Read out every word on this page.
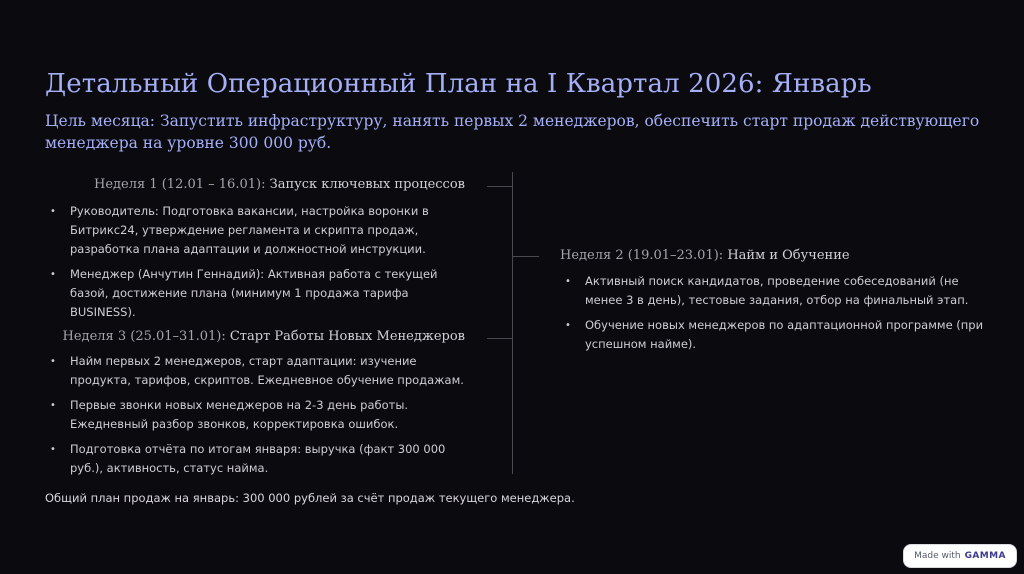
Детальный Операционный План на I Квартал 2026: Январь

Цель месяца: Запустить инфраструктуру, нанять первых 2 менеджеров, обеспечить старт продаж действующего менеджера на уровне 300 000 руб.

Неделя 1 (12.01 – 16.01): Запуск ключевых процессов
• Руководитель: Подготовка вакансии, настройка воронки в Битрикс24, утверждение регламента и скрипта продаж, разработка плана адаптации и должностной инструкции.
• Менеджер (Анчутин Геннадий): Активная работа с текущей базой, достижение плана (минимум 1 продажа тарифа BUSINESS).
Неделя 3 (25.01–31.01): Старт Работы Новых Менеджеров
• Найм первых 2 менеджеров, старт адаптации: изучение продукта, тарифов, скриптов. Ежедневное обучение продажам.
• Первые звонки новых менеджеров на 2-3 день работы. Ежедневный разбор звонков, корректировка ошибок.
• Подготовка отчёта по итогам января: выручка (факт 300 000 руб.), активность, статус найма.
Неделя 2 (19.01–23.01): Найм и Обучение
• Активный поиск кандидатов, проведение собеседований (не менее 3 в день), тестовые задания, отбор на финальный этап.
• Обучение новых менеджеров по адаптационной программе (при успешном найме).

Общий план продаж на январь: 300 000 рублей за счёт продаж текущего менеджера.

Made with GAMMA
